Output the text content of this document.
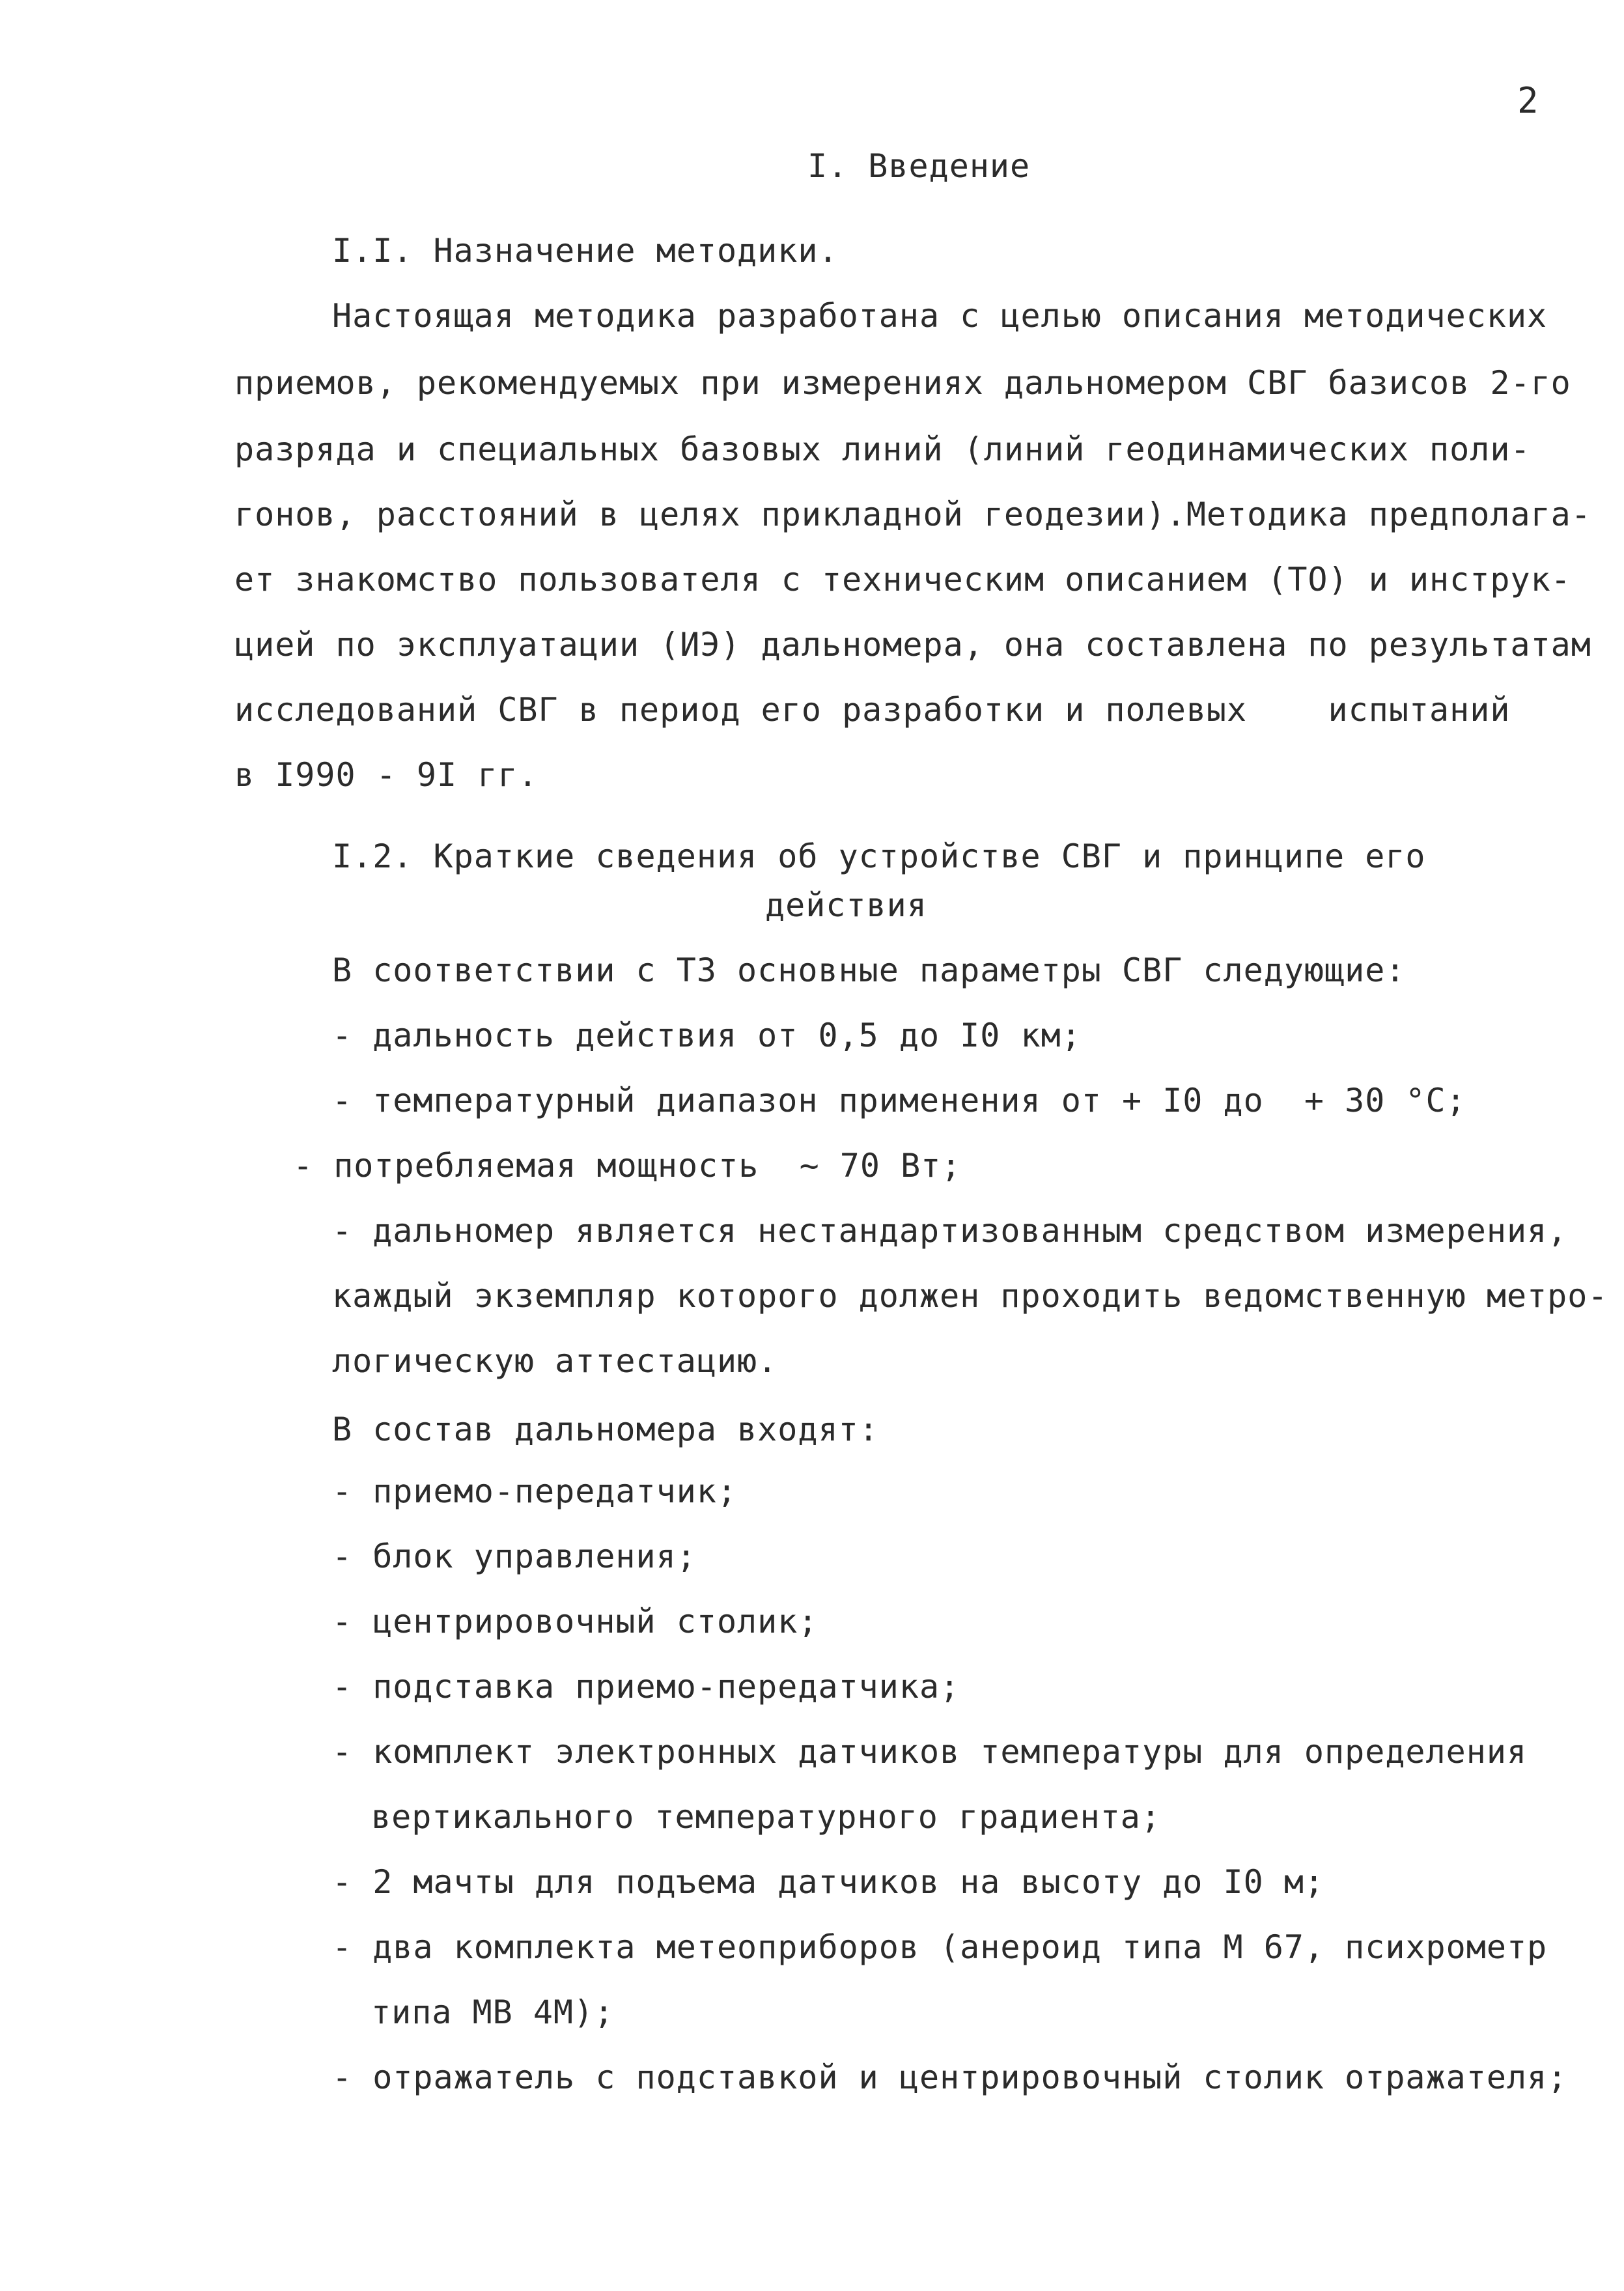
2
I. Введение
I.I. Назначение методики.
Настоящая методика разработана с целью описания методических
приемов, рекомендуемых при измерениях дальномером СВГ базисов 2-го
разряда и специальных базовых линий (линий геодинамических поли-
гонов, расстояний в целях прикладной геодезии).Методика предполага-
ет знакомство пользователя с техническим описанием (ТО) и инструк-
цией по эксплуатации (ИЭ) дальномера, она составлена по результатам
исследований СВГ в период его разработки и полевых    испытаний
в I990 - 9I гг.
I.2. Краткие сведения об устройстве СВГ и принципе его
действия
В соответствии с ТЗ основные параметры СВГ следующие:
- дальность действия от 0,5 до I0 км;
- температурный диапазон применения от + I0 до  + 30 °С;
- потребляемая мощность  ~ 70 Вт;
- дальномер является нестандартизованным средством измерения,
каждый экземпляр которого должен проходить ведомственную метро-
логическую аттестацию.
В состав дальномера входят:
- приемо-передатчик;
- блок управления;
- центрировочный столик;
- подставка приемо-передатчика;
- комплект электронных датчиков температуры для определения
вертикального температурного градиента;
- 2 мачты для подъема датчиков на высоту до I0 м;
- два комплекта метеоприборов (анероид типа М 67, психрометр
типа МВ 4М);
- отражатель с подставкой и центрировочный столик отражателя;
